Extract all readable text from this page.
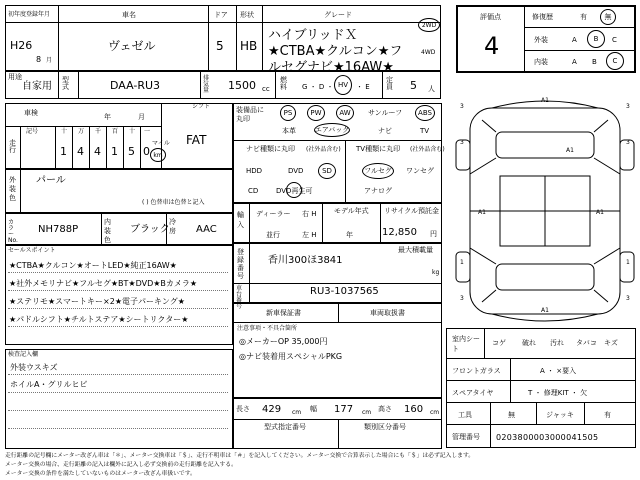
初年度登録年月
H26
8 月
車名
ヴェゼル
ドア
5
形状
HB
グレード
ハイブリッドＸ★CTBA★クルコン★フルセグナビ★16AW★
2WD
4WD
用途
自家用
型式	DAA-RU3
排気量	1500 cc
燃料	G ・ D ・ HV	・ E
定員 5 人
評価点
4
修復歴	有	無
外装	A	B	C
内装	A B	C
車検	年	月
走行
記号	十 万 千 百 十 一
1 4 4 1 5 0
マイル
km
シフト
FAT
装備品に丸印
PS	PW	AW	サンルーフ	ABS
本革	エアバック	ナビ	TV
ナビ種類に丸印 (社外品含む)
HDD	DVD	SD
CD	DVD再生可
TV種類に丸印 (社外品含む)
フルセグ	ワンセグ
アナログ
外装色
パール
( ) 色替車は色替と記入
カラーNo.
NH788P
内装色
ブラック
冷房	AAC
輸入
ディーラー
並行
右 H
左 H
モデル年式
年
リサイクル預託金
12,850 円
セールスポイント
★CTBA★クルコン★オートLED★純正16AW★
★社外メモリナビ★フルセグ★BT★DVD★Bカメラ★
★ステリモ★スマートキー×2★電子パーキング★
★パドルシフト★チルトステア★シートリクター★
最大積載量
kg
登録番号
香川300ほ3841
車台番号
RU3-1037565
新車保証書	車両取扱書
注意事項・不具合箇所
◎メーカーOP 35,000円
◎ナビ装着用スペシャルPKG
検査記入欄
外装ウスキズ
ホイルA・グリルヒビ
長さ 429 cm 幅 177 cm 高さ 160 cm
型式指定番号	類別区分番号
A1
A1
A1	A1
A1
3
3
1
3
3
3
1
3
室内シート
コゲ 破れ 汚れ タバコ キズ
フロントガラス	A ・ ×要入
スペアタイヤ	T ・ 修理KIT ・ 欠
工具	無	ジャッキ	有
管理番号 0203800003000041505
走行距離の記号欄にメーター改ざん車は「＊」、メーター交換車は「＄」、走行不明車は「＃」を記入してください。メーター交換で合算表示した場合にも「＄」は必ず記入します。
メーター交換の場合、走行距離の記入は欄外に記入し必ず交換前の走行距離を記入する。
メーター交換の条件を満たしていないものはメーター改ざん車扱いです。
